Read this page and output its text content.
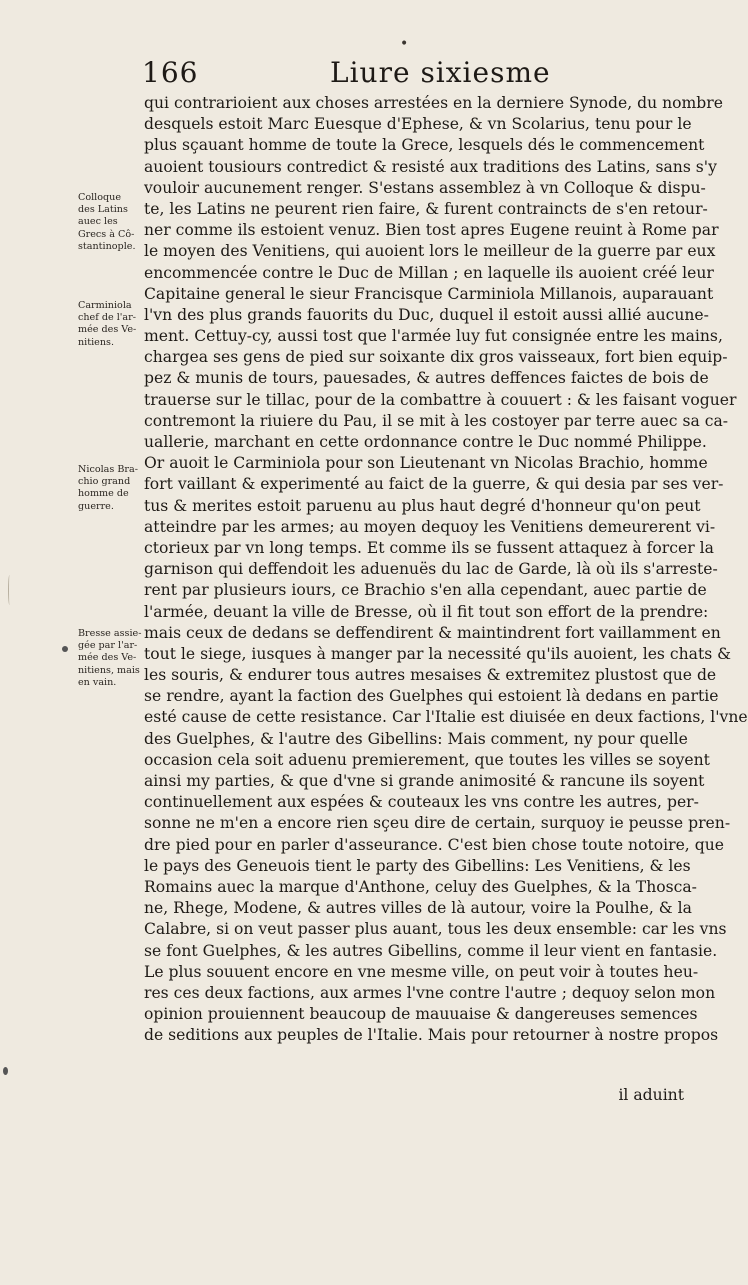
•
166	Liure sixiesme
qui contrarioient aux choses arrestées en la derniere Synode, du nombre
desquels estoit Marc Euesque d'Ephese, & vn Scolarius, tenu pour le
plus sçauant homme de toute la Grece, lesquels dés le commencement
auoient tousiours contredict & resisté aux traditions des Latins, sans s'y
vouloir aucunement renger. S'estans assemblez à vn Colloque & dispu-
te, les Latins ne peurent rien faire, & furent contraincts de s'en retour-
ner comme ils estoient venuz. Bien tost apres Eugene reuint à Rome par
le moyen des Venitiens, qui auoient lors le meilleur de la guerre par eux
encommencée contre le Duc de Millan ; en laquelle ils auoient créé leur
Capitaine general le sieur Francisque Carminiola Millanois, auparauant
l'vn des plus grands fauorits du Duc, duquel il estoit aussi allié aucune-
ment. Cettuy-cy, aussi tost que l'armée luy fut consignée entre les mains,
chargea ses gens de pied sur soixante dix gros vaisseaux, fort bien equip-
pez & munis de tours, pauesades, & autres deffences faictes de bois de
trauerse sur le tillac, pour de la combattre à couuert : & les faisant voguer
contremont la riuiere du Pau, il se mit à les costoyer par terre auec sa ca-
uallerie, marchant en cette ordonnance contre le Duc nommé Philippe.
Or auoit le Carminiola pour son Lieutenant vn Nicolas Brachio, homme
fort vaillant & experimenté au faict de la guerre, & qui desia par ses ver-
tus & merites estoit paruenu au plus haut degré d'honneur qu'on peut
atteindre par les armes; au moyen dequoy les Venitiens demeurerent vi-
ctorieux par vn long temps. Et comme ils se fussent attaquez à forcer la
garnison qui deffendoit les aduenuës du lac de Garde, là où ils s'arreste-
rent par plusieurs iours, ce Brachio s'en alla cependant, auec partie de
l'armée, deuant la ville de Bresse, où il fit tout son effort de la prendre:
mais ceux de dedans se deffendirent & maintindrent fort vaillamment en
tout le siege, iusques à manger par la necessité qu'ils auoient, les chats &
les souris, & endurer tous autres mesaises & extremitez plustost que de
se rendre, ayant la faction des Guelphes qui estoient là dedans en partie
esté cause de cette resistance. Car l'Italie est diuisée en deux factions, l'vne
des Guelphes, & l'autre des Gibellins: Mais comment, ny pour quelle
occasion cela soit aduenu premierement, que toutes les villes se soyent
ainsi my parties, & que d'vne si grande animosité & rancune ils soyent
continuellement aux espées & couteaux les vns contre les autres, per-
sonne ne m'en a encore rien sçeu dire de certain, surquoy ie peusse pren-
dre pied pour en parler d'asseurance. C'est bien chose toute notoire, que
le pays des Geneuois tient le party des Gibellins: Les Venitiens, & les
Romains auec la marque d'Anthone, celuy des Guelphes, & la Thosca-
ne, Rhege, Modene, & autres villes de là autour, voire la Poulhe, & la
Calabre, si on veut passer plus auant, tous les deux ensemble: car les vns
se font Guelphes, & les autres Gibellins, comme il leur vient en fantasie.
Le plus souuent encore en vne mesme ville, on peut voir à toutes heu-
res ces deux factions, aux armes l'vne contre l'autre ; dequoy selon mon
opinion prouiennent beaucoup de mauuaise & dangereuses semences
de seditions aux peuples de l'Italie. Mais pour retourner à nostre propos
il aduint
Colloque
des Latins
auec les
Grecs à Cô-
stantinople.
Carminiola
chef de l'ar-
mée des Ve-
nitiens.
Nicolas Bra-
chio grand
homme de
guerre.
Bresse assie-
gée par l'ar-
mée des Ve-
nitiens, mais
en vain.
